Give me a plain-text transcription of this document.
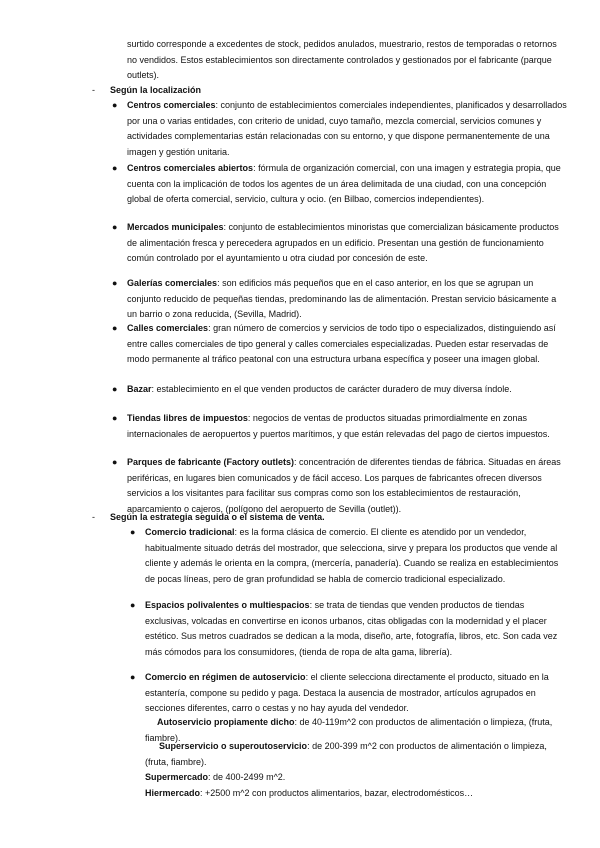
surtido corresponde a excedentes de stock, pedidos anulados, muestrario, restos de temporadas o retornos no vendidos. Estos establecimientos son directamente controlados y gestionados por el fabricante (parque outlets).
- Según la localización
● Centros comerciales: conjunto de establecimientos comerciales independientes, planificados y desarrollados por una o varias entidades, con criterio de unidad, cuyo tamaño, mezcla comercial, servicios comunes y actividades complementarias están relacionadas con su entorno, y que dispone permanentemente de una imagen y gestión unitaria.
● Centros comerciales abiertos: fórmula de organización comercial, con una imagen y estrategia propia, que cuenta con la implicación de todos los agentes de un área delimitada de una ciudad, con una concepción global de oferta comercial, servicio, cultura y ocio. (en Bilbao, comercios independientes).
● Mercados municipales: conjunto de establecimientos minoristas que comercializan básicamente productos de alimentación fresca y perecedera agrupados en un edificio. Presentan una gestión de funcionamiento común controlado por el ayuntamiento u otra ciudad por concesión de este.
● Galerías comerciales: son edificios más pequeños que en el caso anterior, en los que se agrupan un conjunto reducido de pequeñas tiendas, predominando las de alimentación. Prestan servicio básicamente a un barrio o zona reducida, (Sevilla, Madrid).
● Calles comerciales: gran número de comercios y servicios de todo tipo o especializados, distinguiendo así entre calles comerciales de tipo general y calles comerciales especializadas. Pueden estar reservadas de modo permanente al tráfico peatonal con una estructura urbana específica y poseer una imagen global.
● Bazar: establecimiento en el que venden productos de carácter duradero de muy diversa índole.
● Tiendas libres de impuestos: negocios de ventas de productos situadas primordialmente en zonas internacionales de aeropuertos y puertos marítimos, y que están relevadas del pago de ciertos impuestos.
● Parques de fabricante (Factory outlets): concentración de diferentes tiendas de fábrica. Situadas en áreas periféricas, en lugares bien comunicados y de fácil acceso. Los parques de fabricantes ofrecen diversos servicios a los visitantes para facilitar sus compras como son los establecimientos de restauración, aparcamiento o cajeros, (polígono del aeropuerto de Sevilla (outlet)).
- Según la estrategia seguida o el sistema de venta.
● Comercio tradicional: es la forma clásica de comercio. El cliente es atendido por un vendedor, habitualmente situado detrás del mostrador, que selecciona, sirve y prepara los productos que vende al cliente y además le orienta en la compra, (mercería, panadería). Cuando se realiza en establecimientos de pocas líneas, pero de gran profundidad se habla de comercio tradicional especializado.
● Espacios polivalentes o multiespacios: se trata de tiendas que venden productos de tiendas exclusivas, volcadas en convertirse en iconos urbanos, citas obligadas con la modernidad y el placer estético. Sus metros cuadrados se dedican a la moda, diseño, arte, fotografía, libros, etc. Son cada vez más cómodos para los consumidores, (tienda de ropa de alta gama, librería).
● Comercio en régimen de autoservicio: el cliente selecciona directamente el producto, situado en la estantería, compone su pedido y paga. Destaca la ausencia de mostrador, artículos agrupados en secciones diferentes, carro o cestas y no hay ayuda del vendedor.
Autoservicio propiamente dicho: de 40-119m^2 con productos de alimentación o limpieza, (fruta, fiambre).
Superservicio o superoutoservicio: de 200-399 m^2 con productos de alimentación o limpieza, (fruta, fiambre).
Supermercado: de 400-2499 m^2.
Hiermercado: +2500 m^2 con productos alimentarios, bazar, electrodomésticos…
